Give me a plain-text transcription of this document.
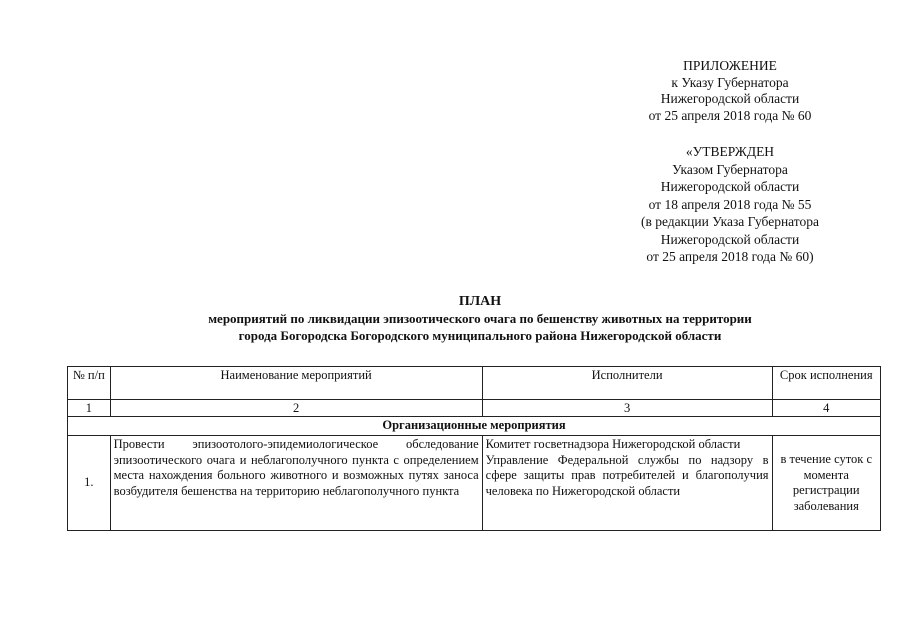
ПРИЛОЖЕНИЕ
к Указу Губернатора
Нижегородской области
от 25 апреля 2018 года № 60
«УТВЕРЖДЕН
Указом Губернатора
Нижегородской области
от 18 апреля 2018 года № 55
(в редакции Указа Губернатора
Нижегородской области
от 25 апреля 2018 года № 60)
ПЛАН
мероприятий по ликвидации эпизоотического очага по бешенству животных на территории
города Богородска Богородского муниципального района Нижегородской области
№ п/п	Наименование мероприятий	Исполнители	Срок исполнения
1	2	3	4
Организационные мероприятия			
1.	Провести эпизоотолого-эпидемиологическое обследование эпизоотического очага и неблагополучного пункта с определением места нахождения больного животного и возможных путях заноса возбудителя бешенства на территорию неблагополучного пункта	Комитет госветнадзора Нижегородской области
Управление Федеральной службы по надзору в сфере защиты прав потребителей и благополучия человека по Нижегородской области	в течение суток с момента регистрации заболевания
